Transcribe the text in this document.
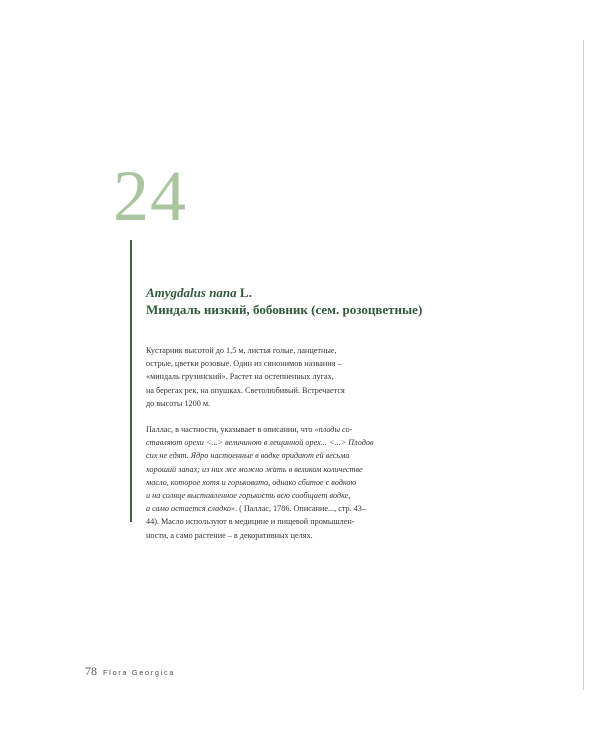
24
Amygdalus nana L.
Миндаль низкий, бобовник (сем. розоцветные)
Кустарник высотой до 1,5 м, листья голые, ланцетные,
острые, цветки розовые. Один из синонимов названия –
«миндаль грузинский». Растет на остепненных лугах,
на берегах рек, на опушках. Светолюбивый. Встречается
до высоты 1200 м.
Паллас, в частности, указывает в описании, что «плоды со-
ставляют орехи <...> величиною в лещинной орех... <...> Плодов
сих не едят. Ядро настоенные в водке придают ей весьма
хороший запах; из них же можно жать в великом количестве
масло, которое хотя и горьковато, однако сбитое с водкою
и на солнце выставленное горькость всю сообщает водке,
а само остается сладко». ( Паллас, 1786. Описание..., стр. 43–
44). Масло используют в медицине и пищевой промышлен-
ности, а само растение – в декоративных целях.
78 Flora Georgica
